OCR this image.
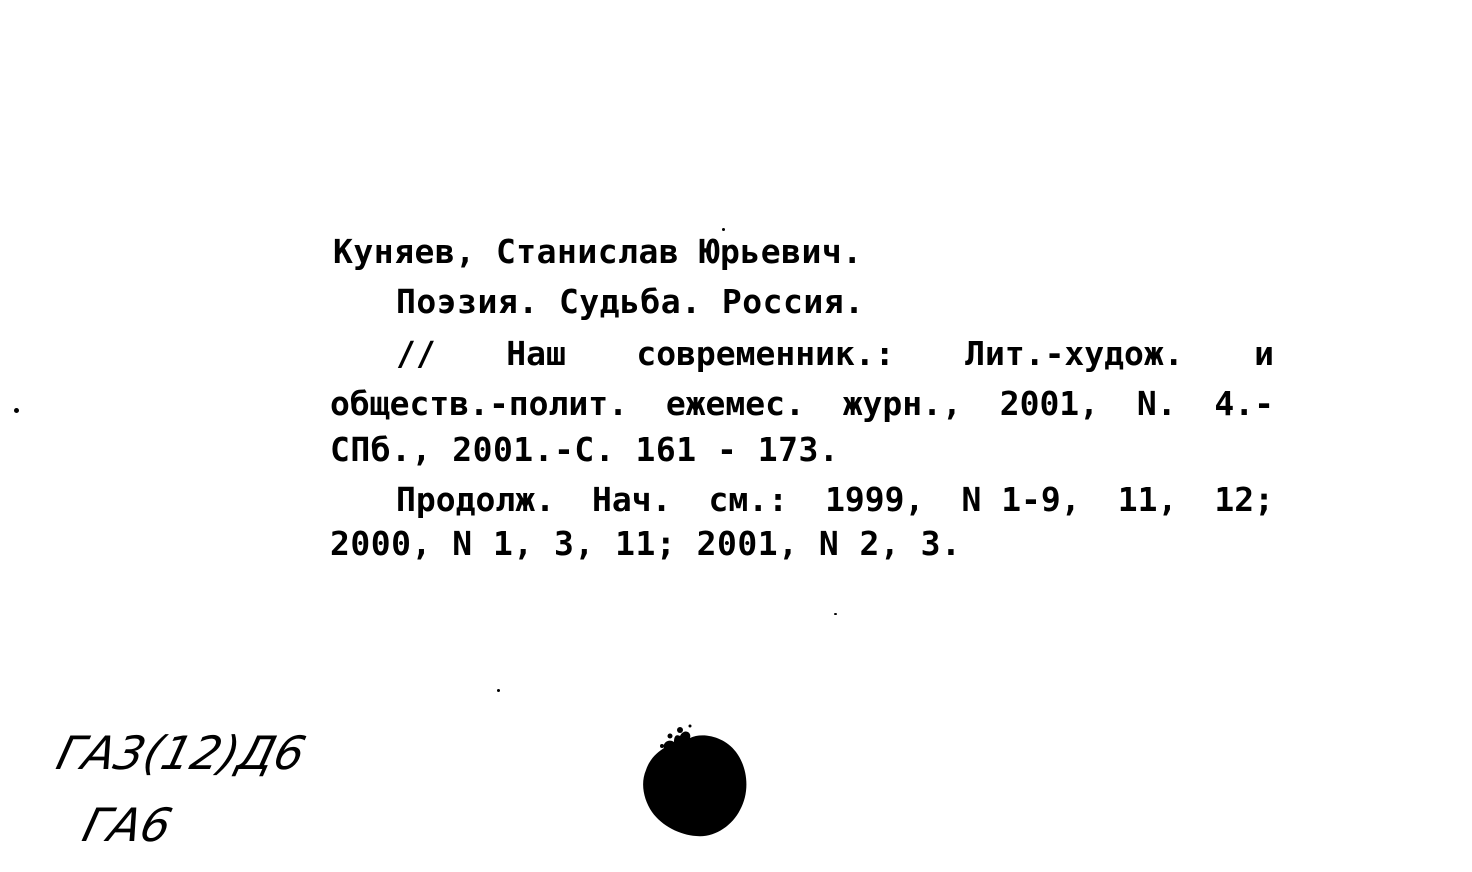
Куняев, Станислав Юрьевич.
Поэзия. Судьба. Россия.
// Наш современник.: Лит.-худож. и
обществ.-полит. ежемес. журн., 2001, N. 4.-
СПб., 2001.-С. 161 - 173.
Продолж. Нач. см.: 1999, N 1-9, 11, 12;
2000, N 1, 3, 11; 2001, N 2, 3.
ГА3(12)Д6
ГА6
